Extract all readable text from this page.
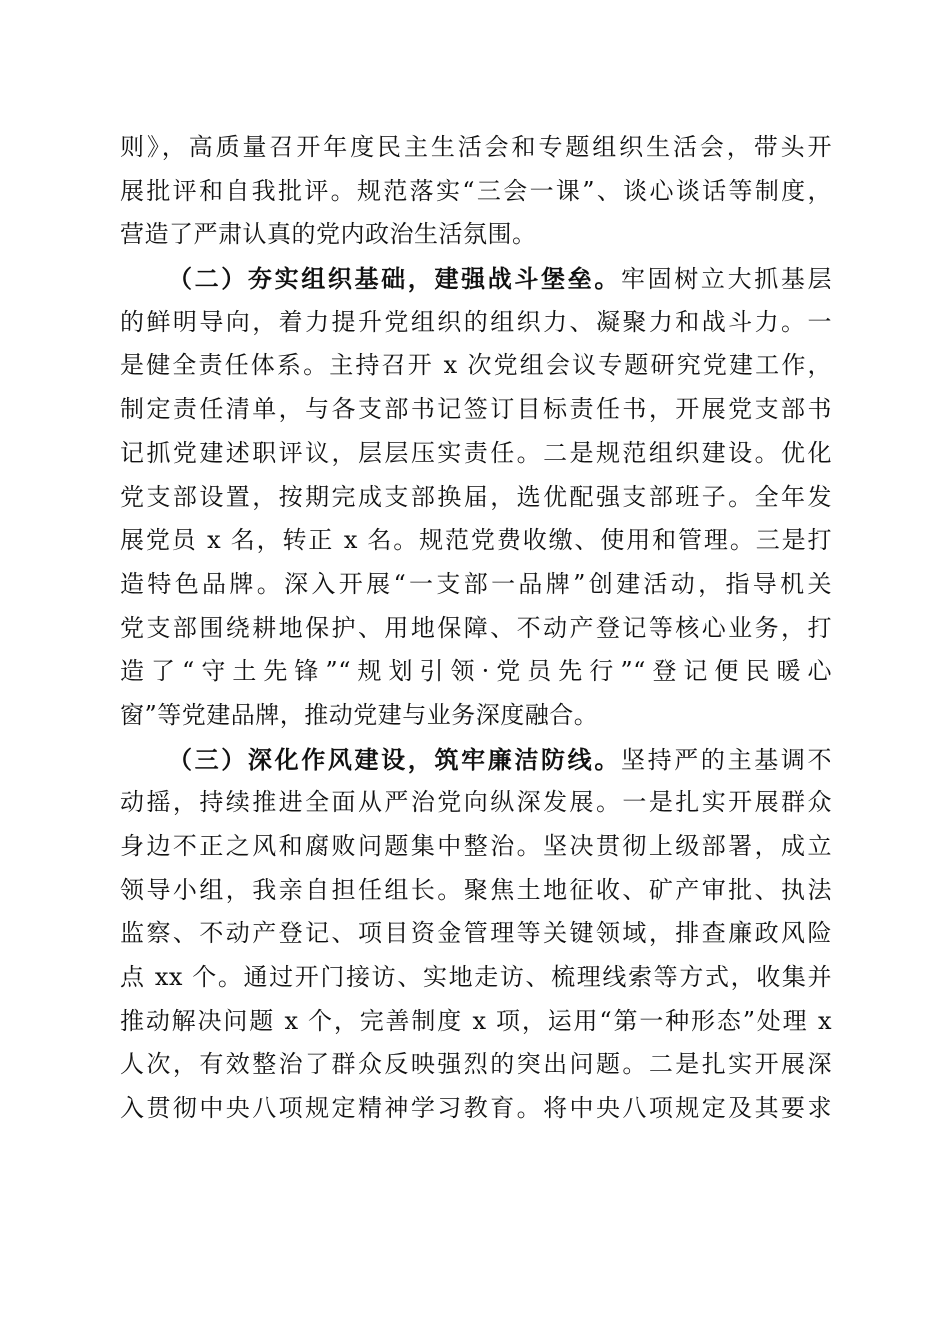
则》，高质量召开年度民主生活会和专题组织生活会，带头开
展批评和自我批评。规范落实“三会一课”、谈心谈话等制度，
营造了严肃认真的党内政治生活氛围。
（二）夯实组织基础，建强战斗堡垒。牢固树立大抓基层
的鲜明导向，着力提升党组织的组织力、凝聚力和战斗力。一
是健全责任体系。主持召开 x 次党组会议专题研究党建工作，
制定责任清单，与各支部书记签订目标责任书，开展党支部书
记抓党建述职评议，层层压实责任。二是规范组织建设。优化
党支部设置，按期完成支部换届，选优配强支部班子。全年发
展党员 x 名，转正 x 名。规范党费收缴、使用和管理。三是打
造特色品牌。深入开展“一支部一品牌”创建活动，指导机关
党支部围绕耕地保护、用地保障、不动产登记等核心业务，打
造了“守土先锋”“规划引领·党员先行”“登记便民暖心
窗”等党建品牌，推动党建与业务深度融合。
（三）深化作风建设，筑牢廉洁防线。坚持严的主基调不
动摇，持续推进全面从严治党向纵深发展。一是扎实开展群众
身边不正之风和腐败问题集中整治。坚决贯彻上级部署，成立
领导小组，我亲自担任组长。聚焦土地征收、矿产审批、执法
监察、不动产登记、项目资金管理等关键领域，排查廉政风险
点 xx 个。通过开门接访、实地走访、梳理线索等方式，收集并
推动解决问题 x 个，完善制度 x 项，运用“第一种形态”处理 x
人次，有效整治了群众反映强烈的突出问题。二是扎实开展深
入贯彻中央八项规定精神学习教育。将中央八项规定及其要求
